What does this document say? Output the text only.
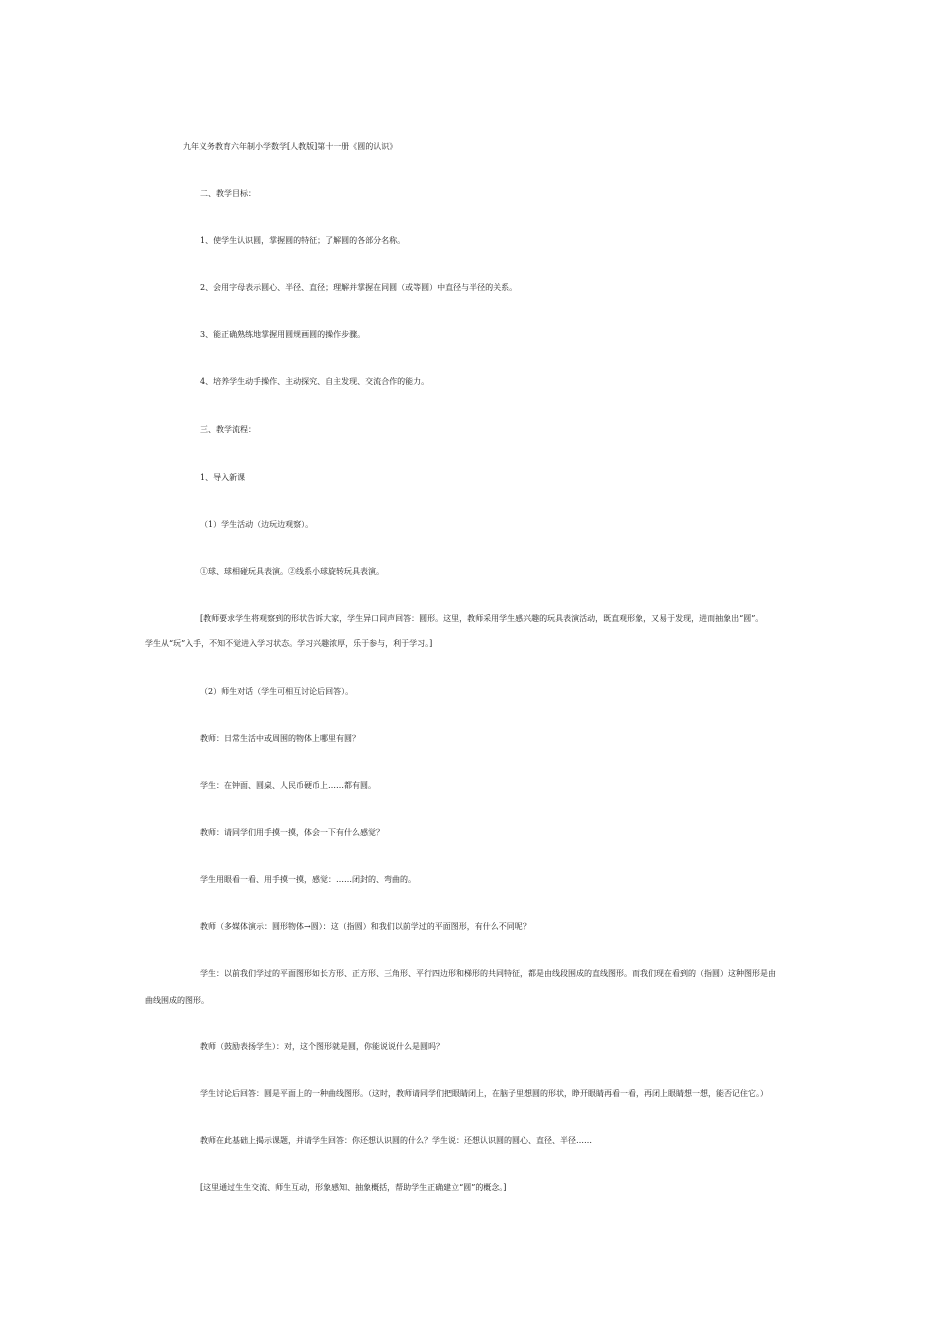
九年义务教育六年制小学数学[人教版]第十一册《圆的认识》

二、教学目标：

1、使学生认识圆，掌握圆的特征；了解圆的各部分名称。

2、会用字母表示圆心、半径、直径；理解并掌握在同圆（或等圆）中直径与半径的关系。

3、能正确熟练地掌握用圆规画圆的操作步骤。

4、培养学生动手操作、主动探究、自主发现、交流合作的能力。

三、教学流程：

1、导入新课

（1）学生活动（边玩边观察）。

①球、球相碰玩具表演。②线系小球旋转玩具表演。

[教师要求学生将观察到的形状告诉大家，学生异口同声回答：圆形。这里，教师采用学生感兴趣的玩具表演活动，既直观形象，又易于发现，进而抽象出“圆”。

学生从“玩”入手，不知不觉进入学习状态。学习兴趣浓厚，乐于参与，利于学习。]

（2）师生对话（学生可相互讨论后回答）。

教师：日常生活中或周围的物体上哪里有圆？

学生：在钟面、圆桌、人民币硬币上……都有圆。

教师：请同学们用手摸一摸，体会一下有什么感觉？

学生用眼看一看、用手摸一摸，感觉：……闭封的、弯曲的。

教师（多媒体演示：圆形物体→圆）：这（指圆）和我们以前学过的平面图形，有什么不同呢？

学生：以前我们学过的平面图形如长方形、正方形、三角形、平行四边形和梯形的共同特征，都是由线段围成的直线图形。而我们现在看到的（指圆）这种图形是由

曲线围成的图形。

教师（鼓励表扬学生）：对，这个图形就是圆，你能说说什么是圆吗？

学生讨论后回答：圆是平面上的一种曲线图形。（这时，教师请同学们把眼睛闭上，在脑子里想圆的形状，睁开眼睛再看一看，再闭上眼睛想一想，能否记住它。）

教师在此基础上揭示课题，并请学生回答：你还想认识圆的什么？学生说：还想认识圆的圆心、直径、半径……

[这里通过生生交流、师生互动，形象感知、抽象概括，帮助学生正确建立“圆”的概念。]
